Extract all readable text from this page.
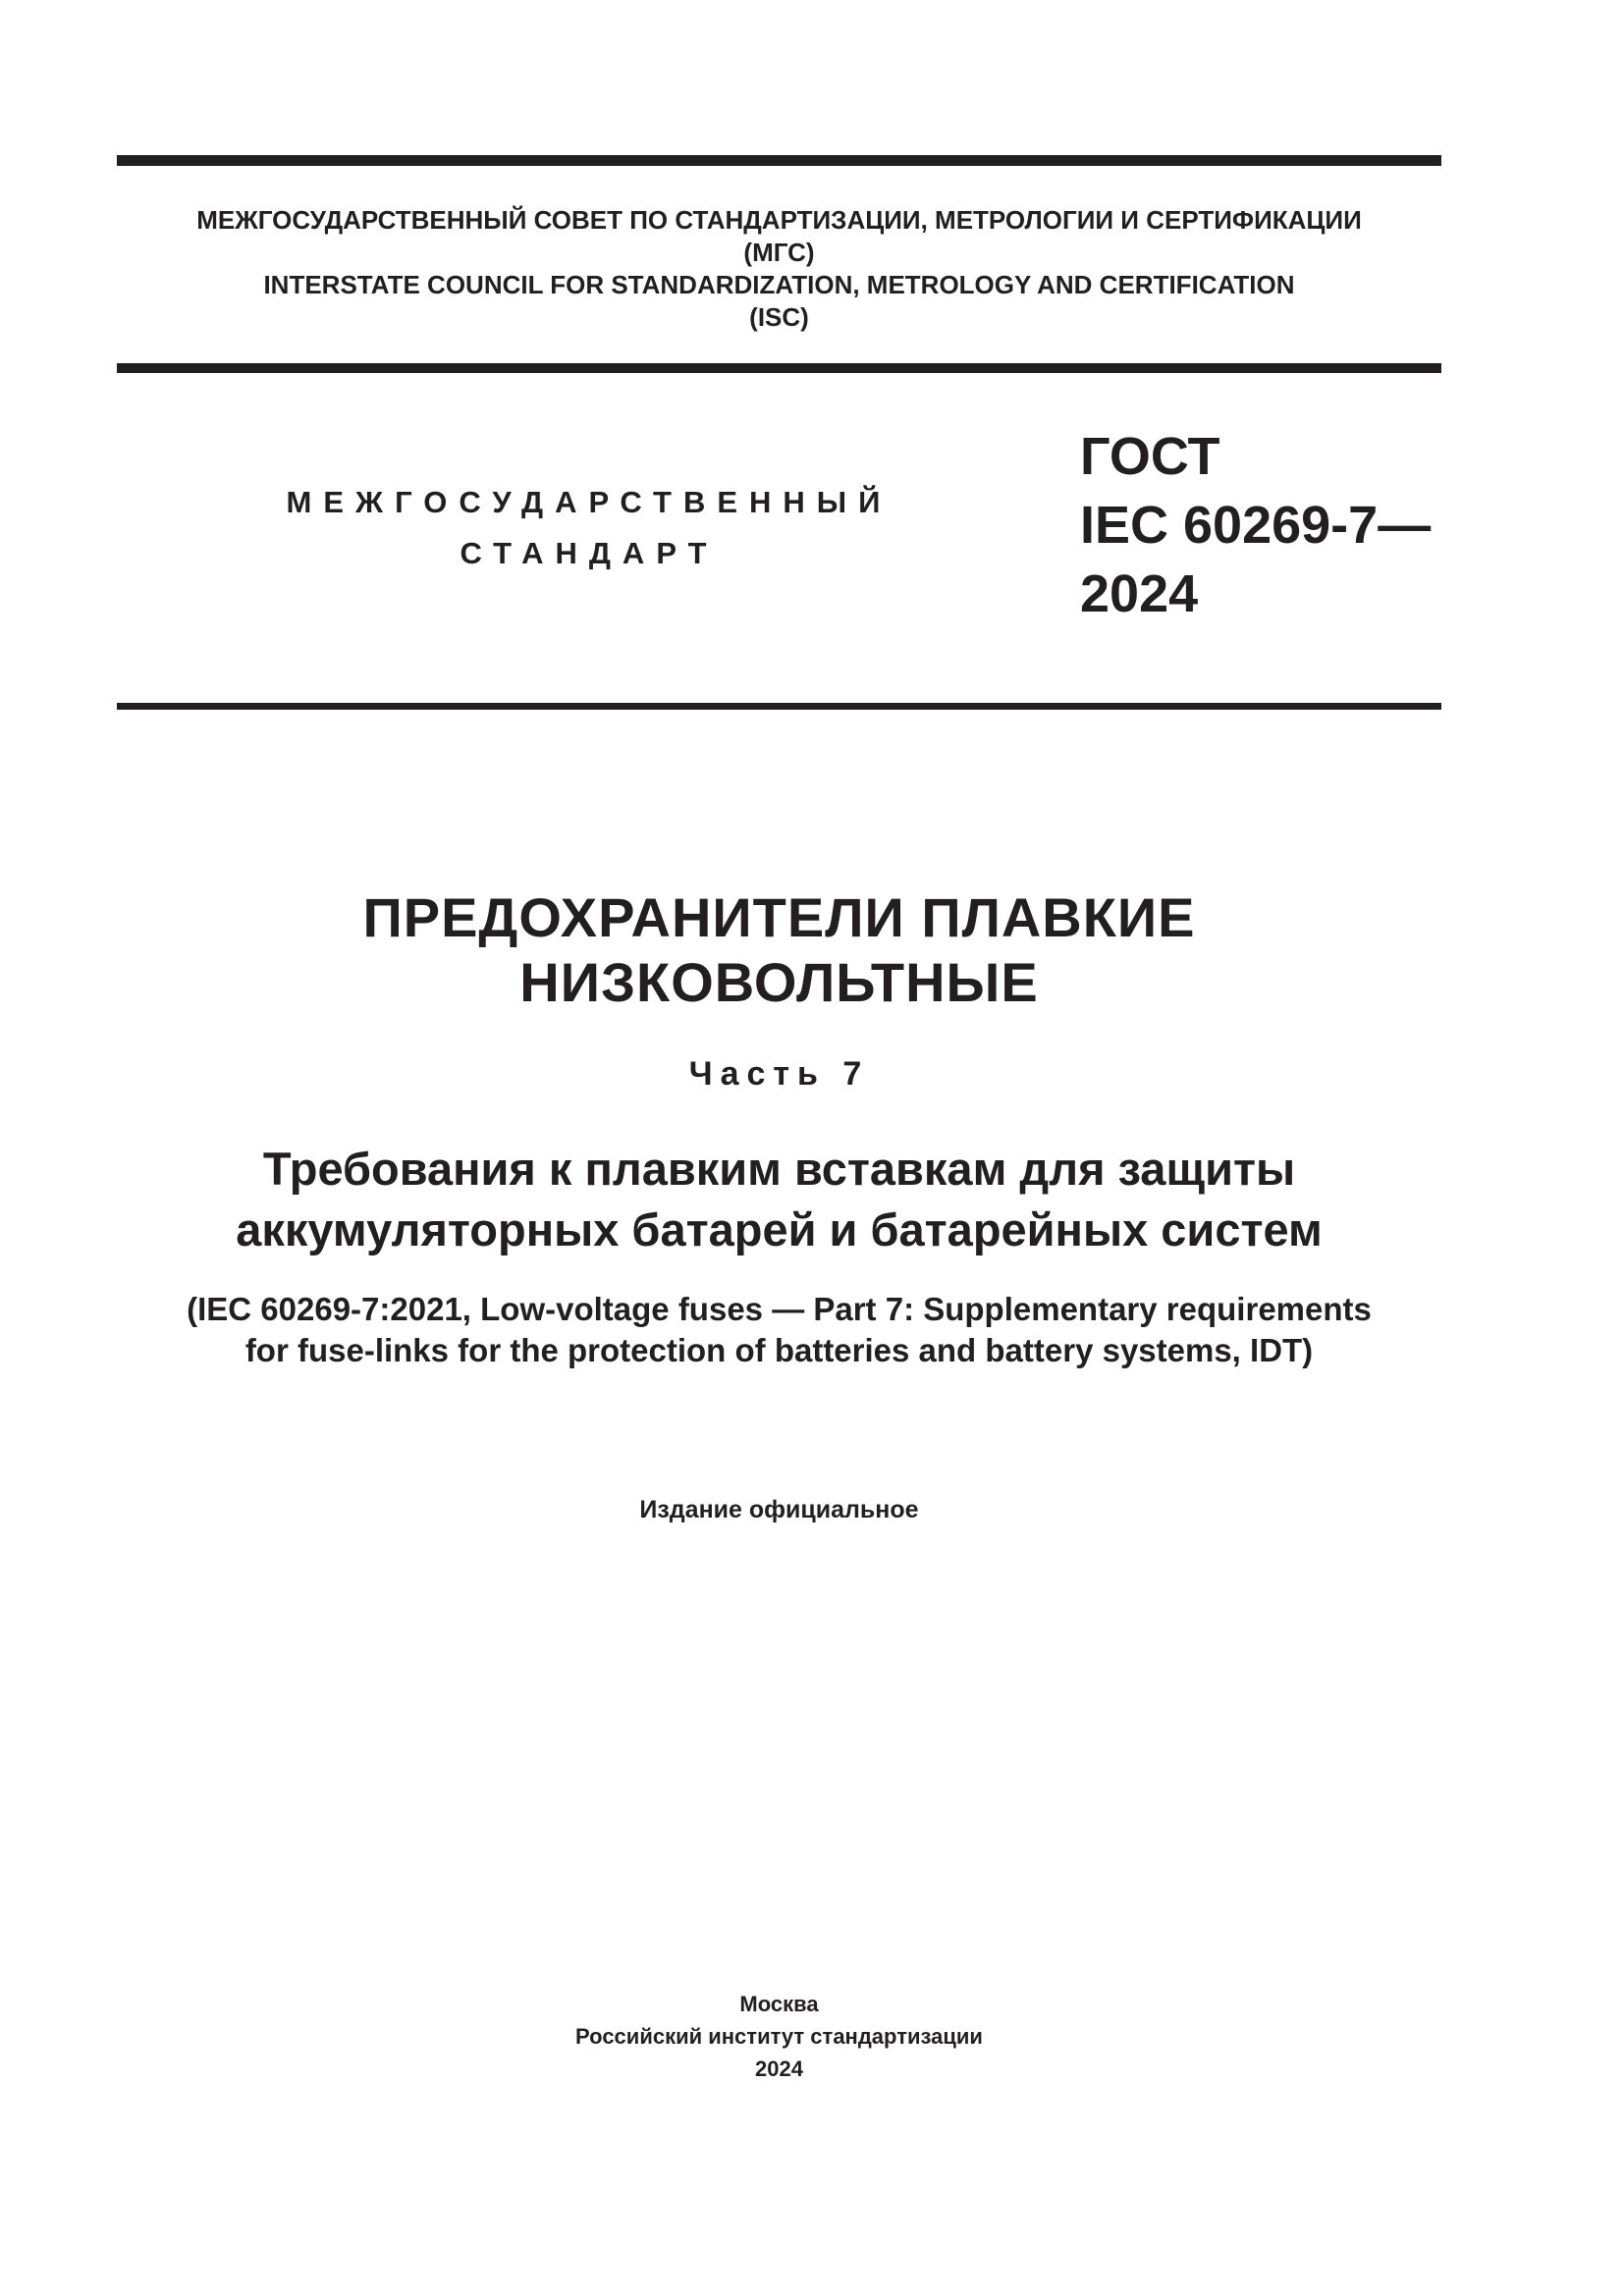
МЕЖГОСУДАРСТВЕННЫЙ СОВЕТ ПО СТАНДАРТИЗАЦИИ, МЕТРОЛОГИИ И СЕРТИФИКАЦИИ
(МГС)
INTERSTATE COUNCIL FOR STANDARDIZATION, METROLOGY AND CERTIFICATION
(ISC)
МЕЖГОСУДАРСТВЕННЫЙ
СТАНДАРТ
ГОСТ
IEC 60269-7—
2024
ПРЕДОХРАНИТЕЛИ ПЛАВКИЕ
НИЗКОВОЛЬТНЫЕ
Часть 7
Требования к плавким вставкам для защиты
аккумуляторных батарей и батарейных систем
(IEC 60269-7:2021, Low-voltage fuses — Part 7: Supplementary requirements
for fuse-links for the protection of batteries and battery systems, IDT)
Издание официальное
Москва
Российский институт стандартизации
2024
